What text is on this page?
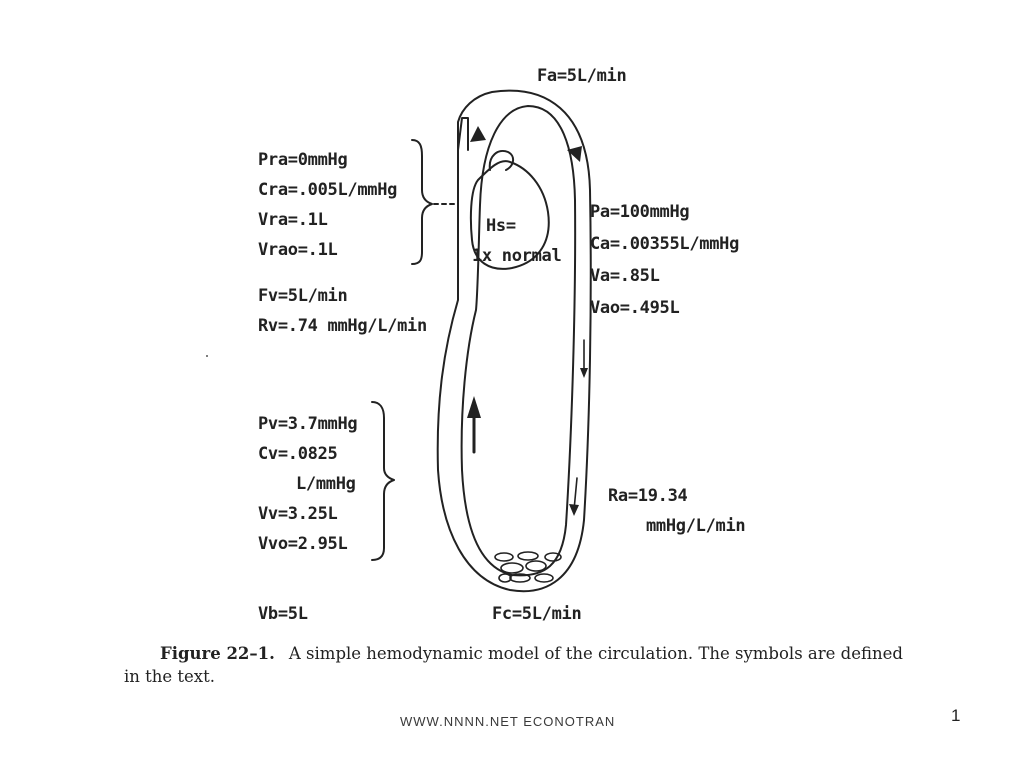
Fa=5L/min
Pra=0mmHg
Cra=.005L/mmHg
Vra=.1L
Vrao=.1L
Hs=
1x normal
Pa=100mmHg
Ca=.00355L/mmHg
Va=.85L
Vao=.495L
Fv=5L/min
Rv=.74 mmHg/L/min
Pv=3.7mmHg
Cv=.0825
L/mmHg
Vv=3.25L
Vvo=2.95L
Ra=19.34
mmHg/L/min
Vb=5L	Fc=5L/min
Figure 22–1. A simple hemodynamic model of the circulation. The symbols are defined in the text.
WWW.NNNN.NET ECONOTRAN	1
